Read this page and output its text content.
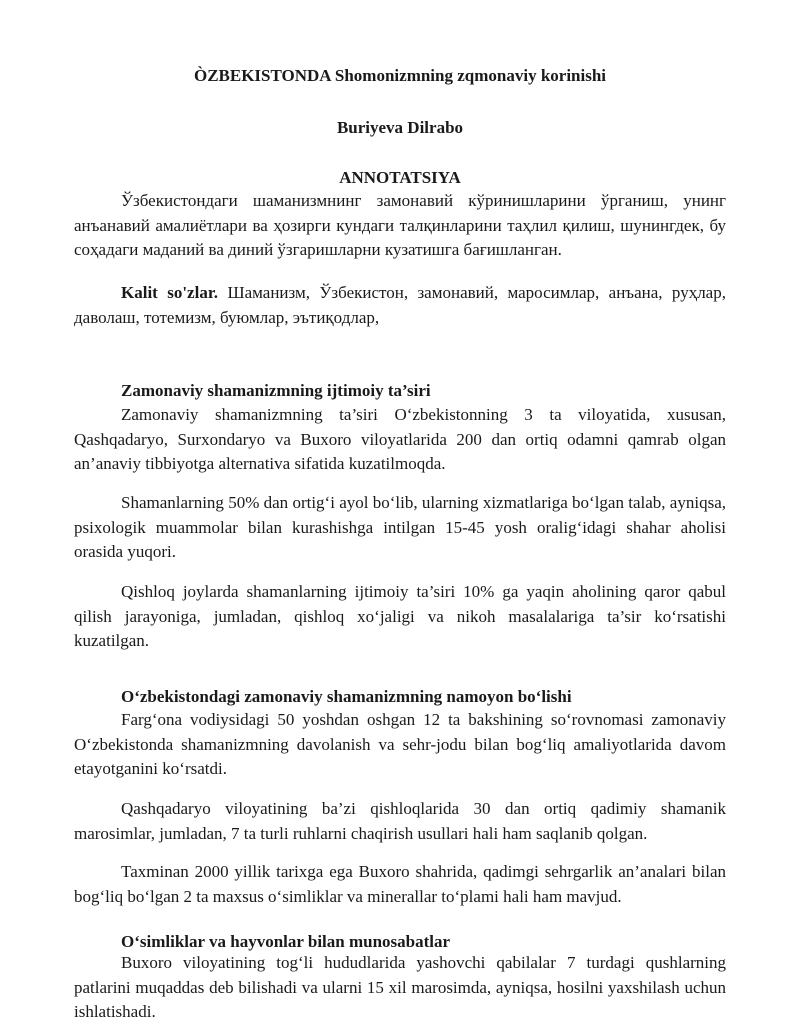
ÒZBEKISTONDA Shomonizmning zqmonaviy korinishi

Buriyeva Dilrabo

ANNOTATSIYA

Ўзбекистондаги шаманизмнинг замонавий кўринишларини ўрганиш, унинг анъанавий амалиётлари ва ҳозирги кундаги талқинларини таҳлил қилиш, шунингдек, бу соҳадаги маданий ва диний ўзгаришларни кузатишга бағишланган.

Kalit so'zlar. Шаманизм, Ўзбекистон, замонавий, маросимлар, анъана, руҳлар, даволаш, тотемизм, буюмлар, эътиқодлар,

Zamonaviy shamanizmning ijtimoiy ta’siri

Zamonaviy shamanizmning ta’siri O‘zbekistonning 3 ta viloyatida, xususan, Qashqadaryo, Surxondaryo va Buxoro viloyatlarida 200 dan ortiq odamni qamrab olgan an’anaviy tibbiyotga alternativa sifatida kuzatilmoqda.

Shamanlarning 50% dan ortig‘i ayol bo‘lib, ularning xizmatlariga bo‘lgan talab, ayniqsa, psixologik muammolar bilan kurashishga intilgan 15-45 yosh oralig‘idagi shahar aholisi orasida yuqori.

Qishloq joylarda shamanlarning ijtimoiy ta’siri 10% ga yaqin aholining qaror qabul qilish jarayoniga, jumladan, qishloq xo‘jaligi va nikoh masalalariga ta’sir ko‘rsatishi kuzatilgan.

O‘zbekistondagi zamonaviy shamanizmning namoyon bo‘lishi

Farg‘ona vodiysidagi 50 yoshdan oshgan 12 ta bakshining so‘rovnomasi zamonaviy O‘zbekistonda shamanizmning davolanish va sehr-jodu bilan bog‘liq amaliyotlarida davom etayotganini ko‘rsatdi.

Qashqadaryo viloyatining ba’zi qishloqlarida 30 dan ortiq qadimiy shamanik marosimlar, jumladan, 7 ta turli ruhlarni chaqirish usullari hali ham saqlanib qolgan.

Taxminan 2000 yillik tarixga ega Buxoro shahrida, qadimgi sehrgarlik an’analari bilan bog‘liq bo‘lgan 2 ta maxsus o‘simliklar va minerallar to‘plami hali ham mavjud.

O‘simliklar va hayvonlar bilan munosabatlar

Buxoro viloyatining tog‘li hududlarida yashovchi qabilalar 7 turdagi qushlarning patlarini muqaddas deb bilishadi va ularni 15 xil marosimda, ayniqsa, hosilni yaxshilash uchun ishlatishadi.
